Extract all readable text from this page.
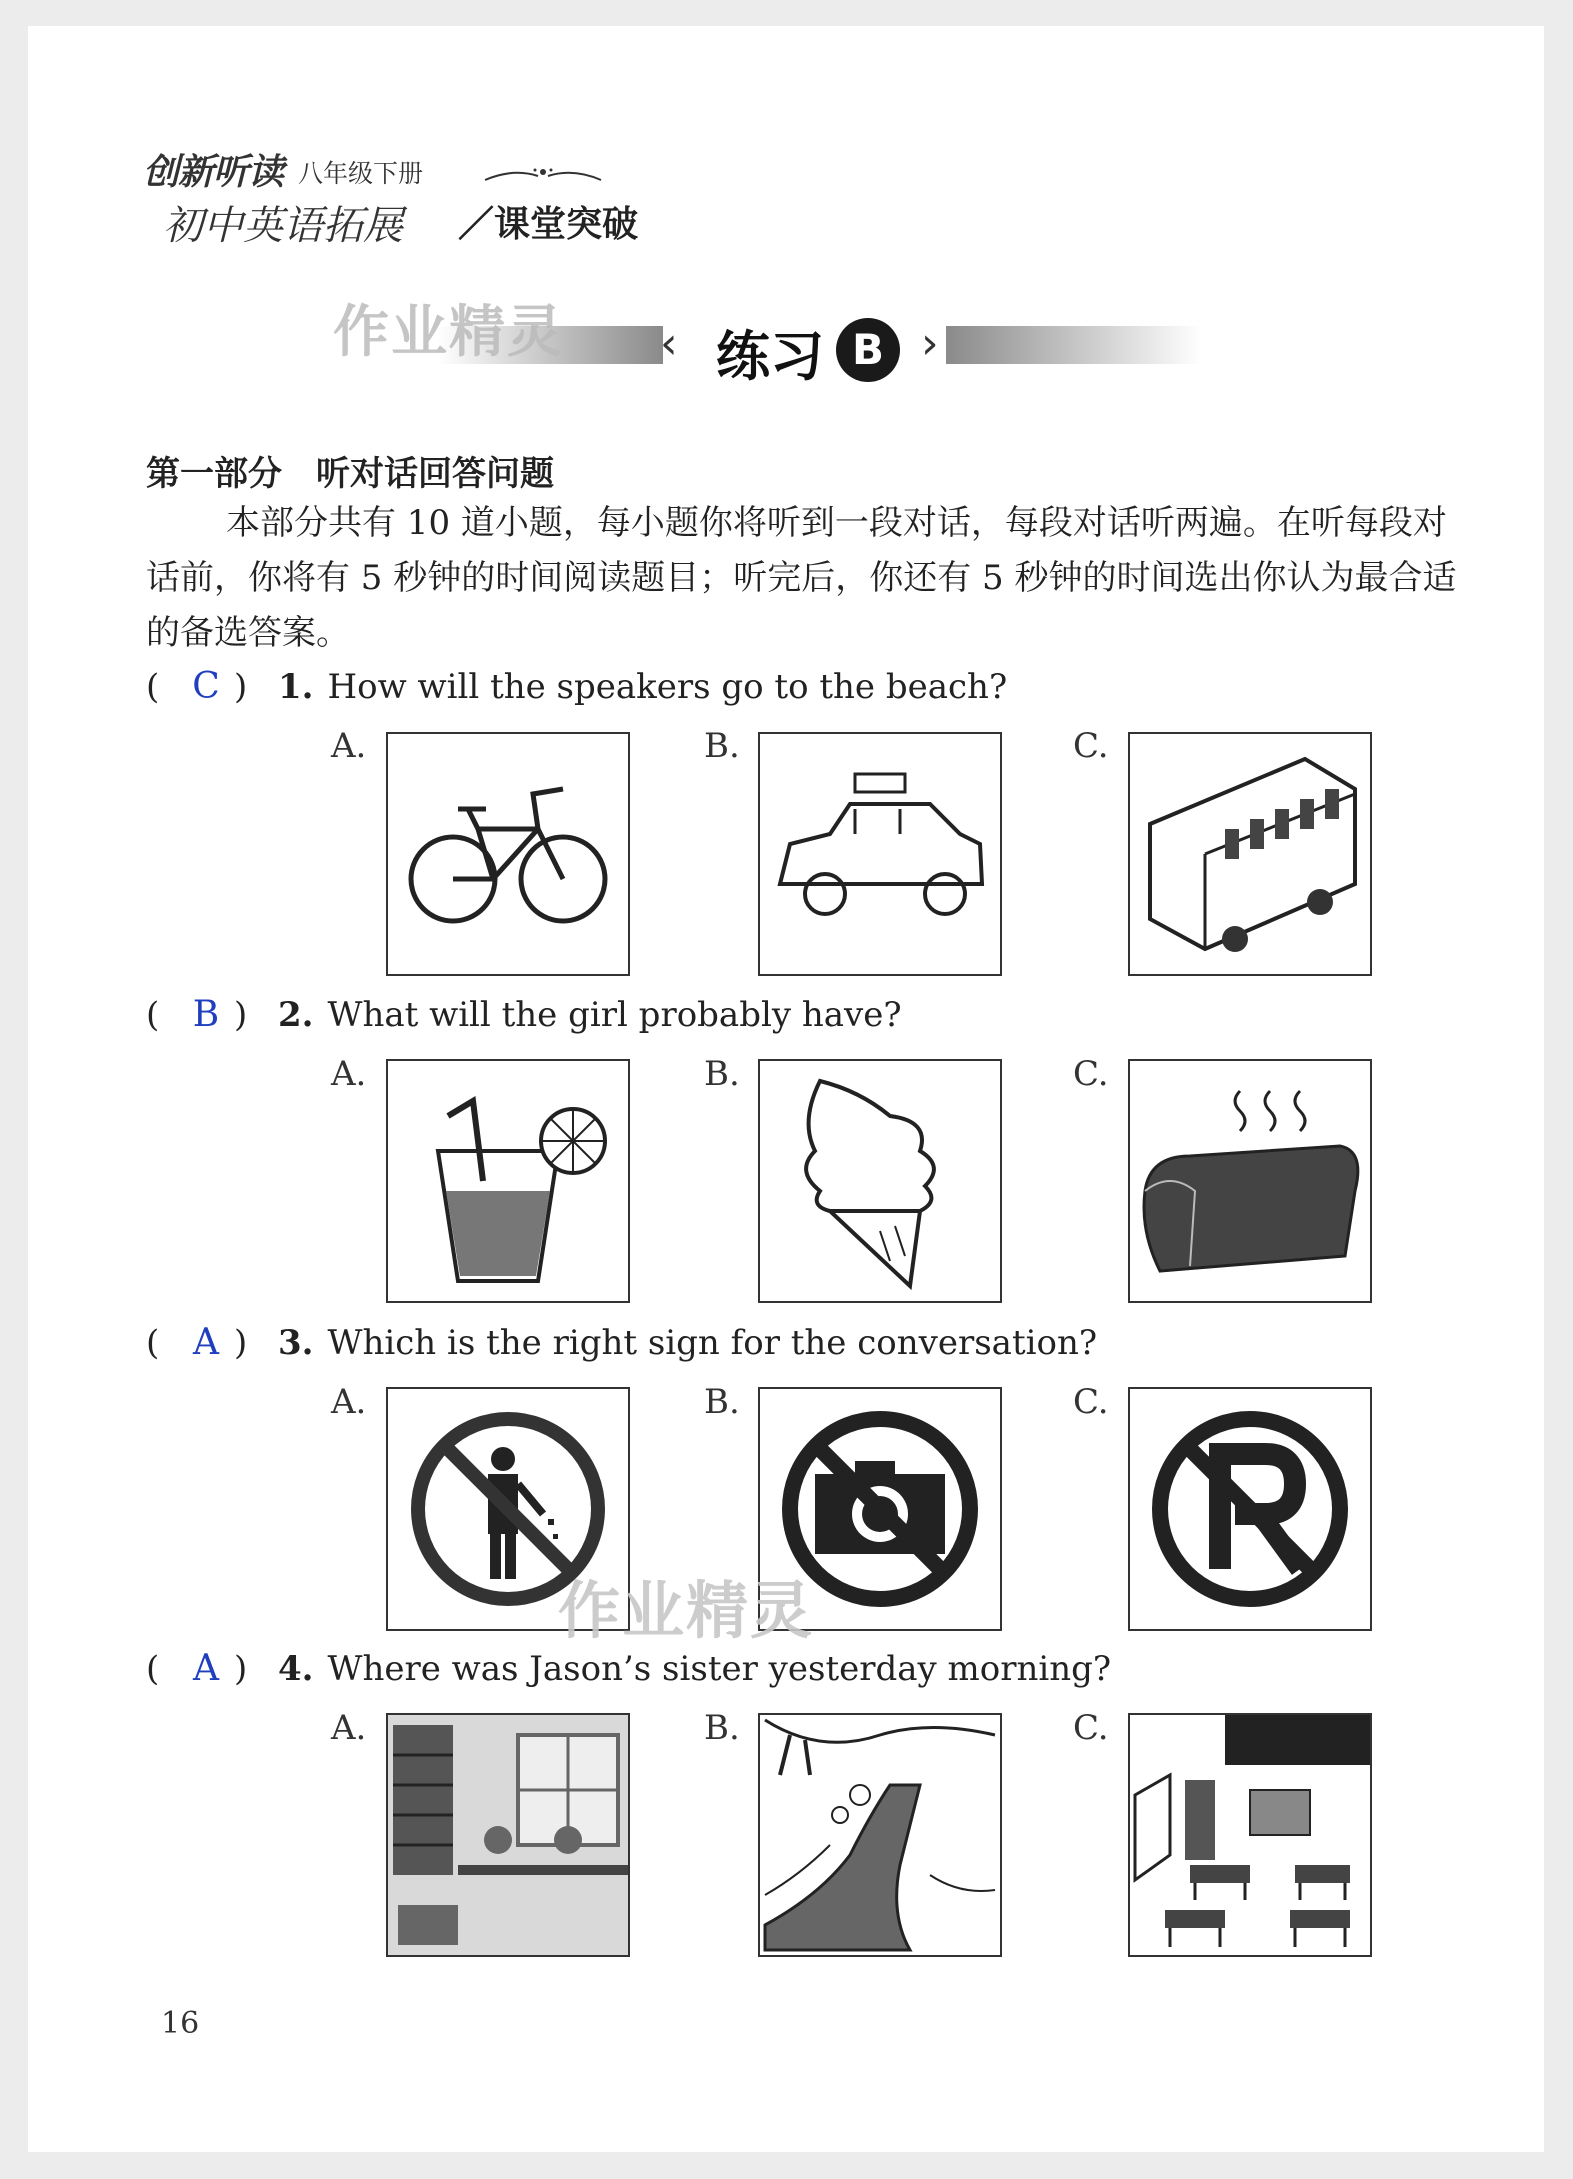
创新听读 八年级下册
初中英语拓展 ／课堂突破
作业精灵 ‹	›
练习 B
第一部分　听对话回答问题
本部分共有 10 道小题，每小题你将听到一段对话，每段对话听两遍。在听每段对话前，你将有 5 秒钟的时间阅读题目；听完后，你还有 5 秒钟的时间选出你认为最合适的备选答案。
( C ) 1. How will the speakers go to the beach?
A.	B.	C.
( B ) 2. What will the girl probably have?
A.	B.	C.
( A ) 3. Which is the right sign for the conversation?
A.	B.	C.
( A ) 4. Where was Jason’s sister yesterday morning?
A.	B.	C.
作业精灵
16
